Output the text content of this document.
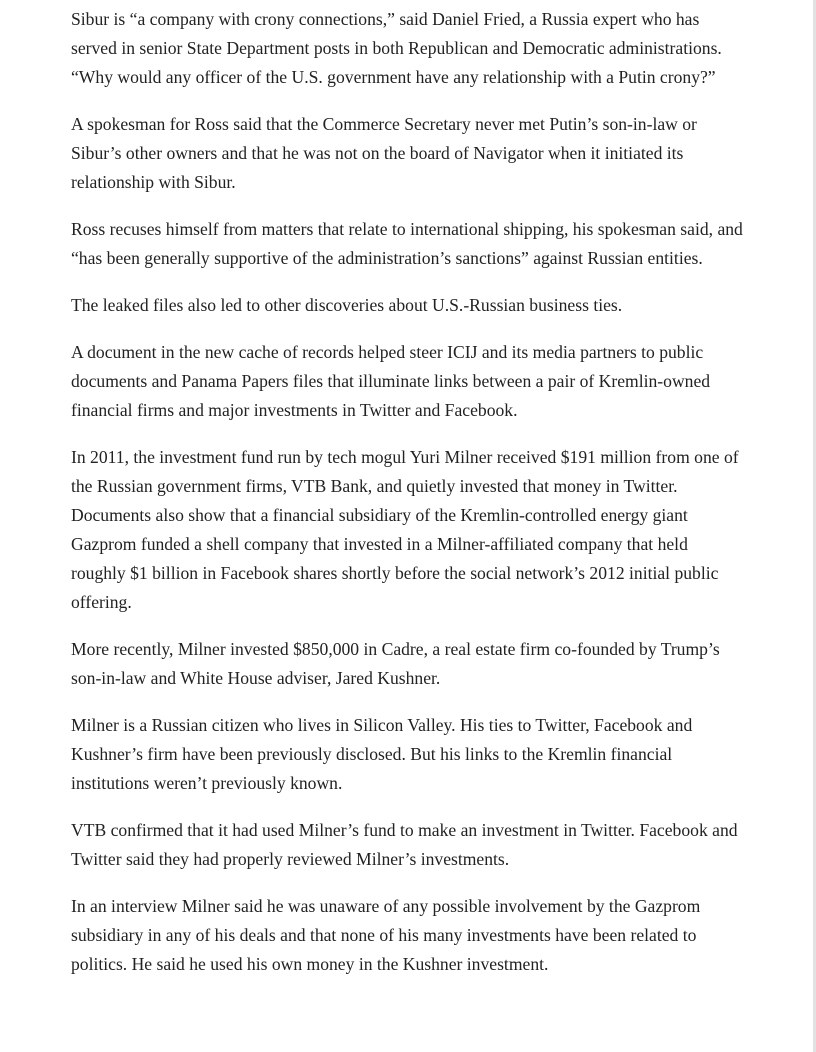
Sibur is “a company with crony connections,” said Daniel Fried, a Russia expert who has served in senior State Department posts in both Republican and Democratic administrations. “Why would any officer of the U.S. government have any relationship with a Putin crony?”

A spokesman for Ross said that the Commerce Secretary never met Putin’s son-in-law or Sibur’s other owners and that he was not on the board of Navigator when it initiated its relationship with Sibur.

Ross recuses himself from matters that relate to international shipping, his spokesman said, and “has been generally supportive of the administration’s sanctions” against Russian entities.

The leaked files also led to other discoveries about U.S.-Russian business ties.

A document in the new cache of records helped steer ICIJ and its media partners to public documents and Panama Papers files that illuminate links between a pair of Kremlin-owned financial firms and major investments in Twitter and Facebook.

In 2011, the investment fund run by tech mogul Yuri Milner received $191 million from one of the Russian government firms, VTB Bank, and quietly invested that money in Twitter. Documents also show that a financial subsidiary of the Kremlin-controlled energy giant Gazprom funded a shell company that invested in a Milner-affiliated company that held roughly $1 billion in Facebook shares shortly before the social network’s 2012 initial public offering.

More recently, Milner invested $850,000 in Cadre, a real estate firm co-founded by Trump’s son-in-law and White House adviser, Jared Kushner.

Milner is a Russian citizen who lives in Silicon Valley. His ties to Twitter, Facebook and Kushner’s firm have been previously disclosed. But his links to the Kremlin financial institutions weren’t previously known.

VTB confirmed that it had used Milner’s fund to make an investment in Twitter. Facebook and Twitter said they had properly reviewed Milner’s investments.

In an interview Milner said he was unaware of any possible involvement by the Gazprom subsidiary in any of his deals and that none of his many investments have been related to politics. He said he used his own money in the Kushner investment.
